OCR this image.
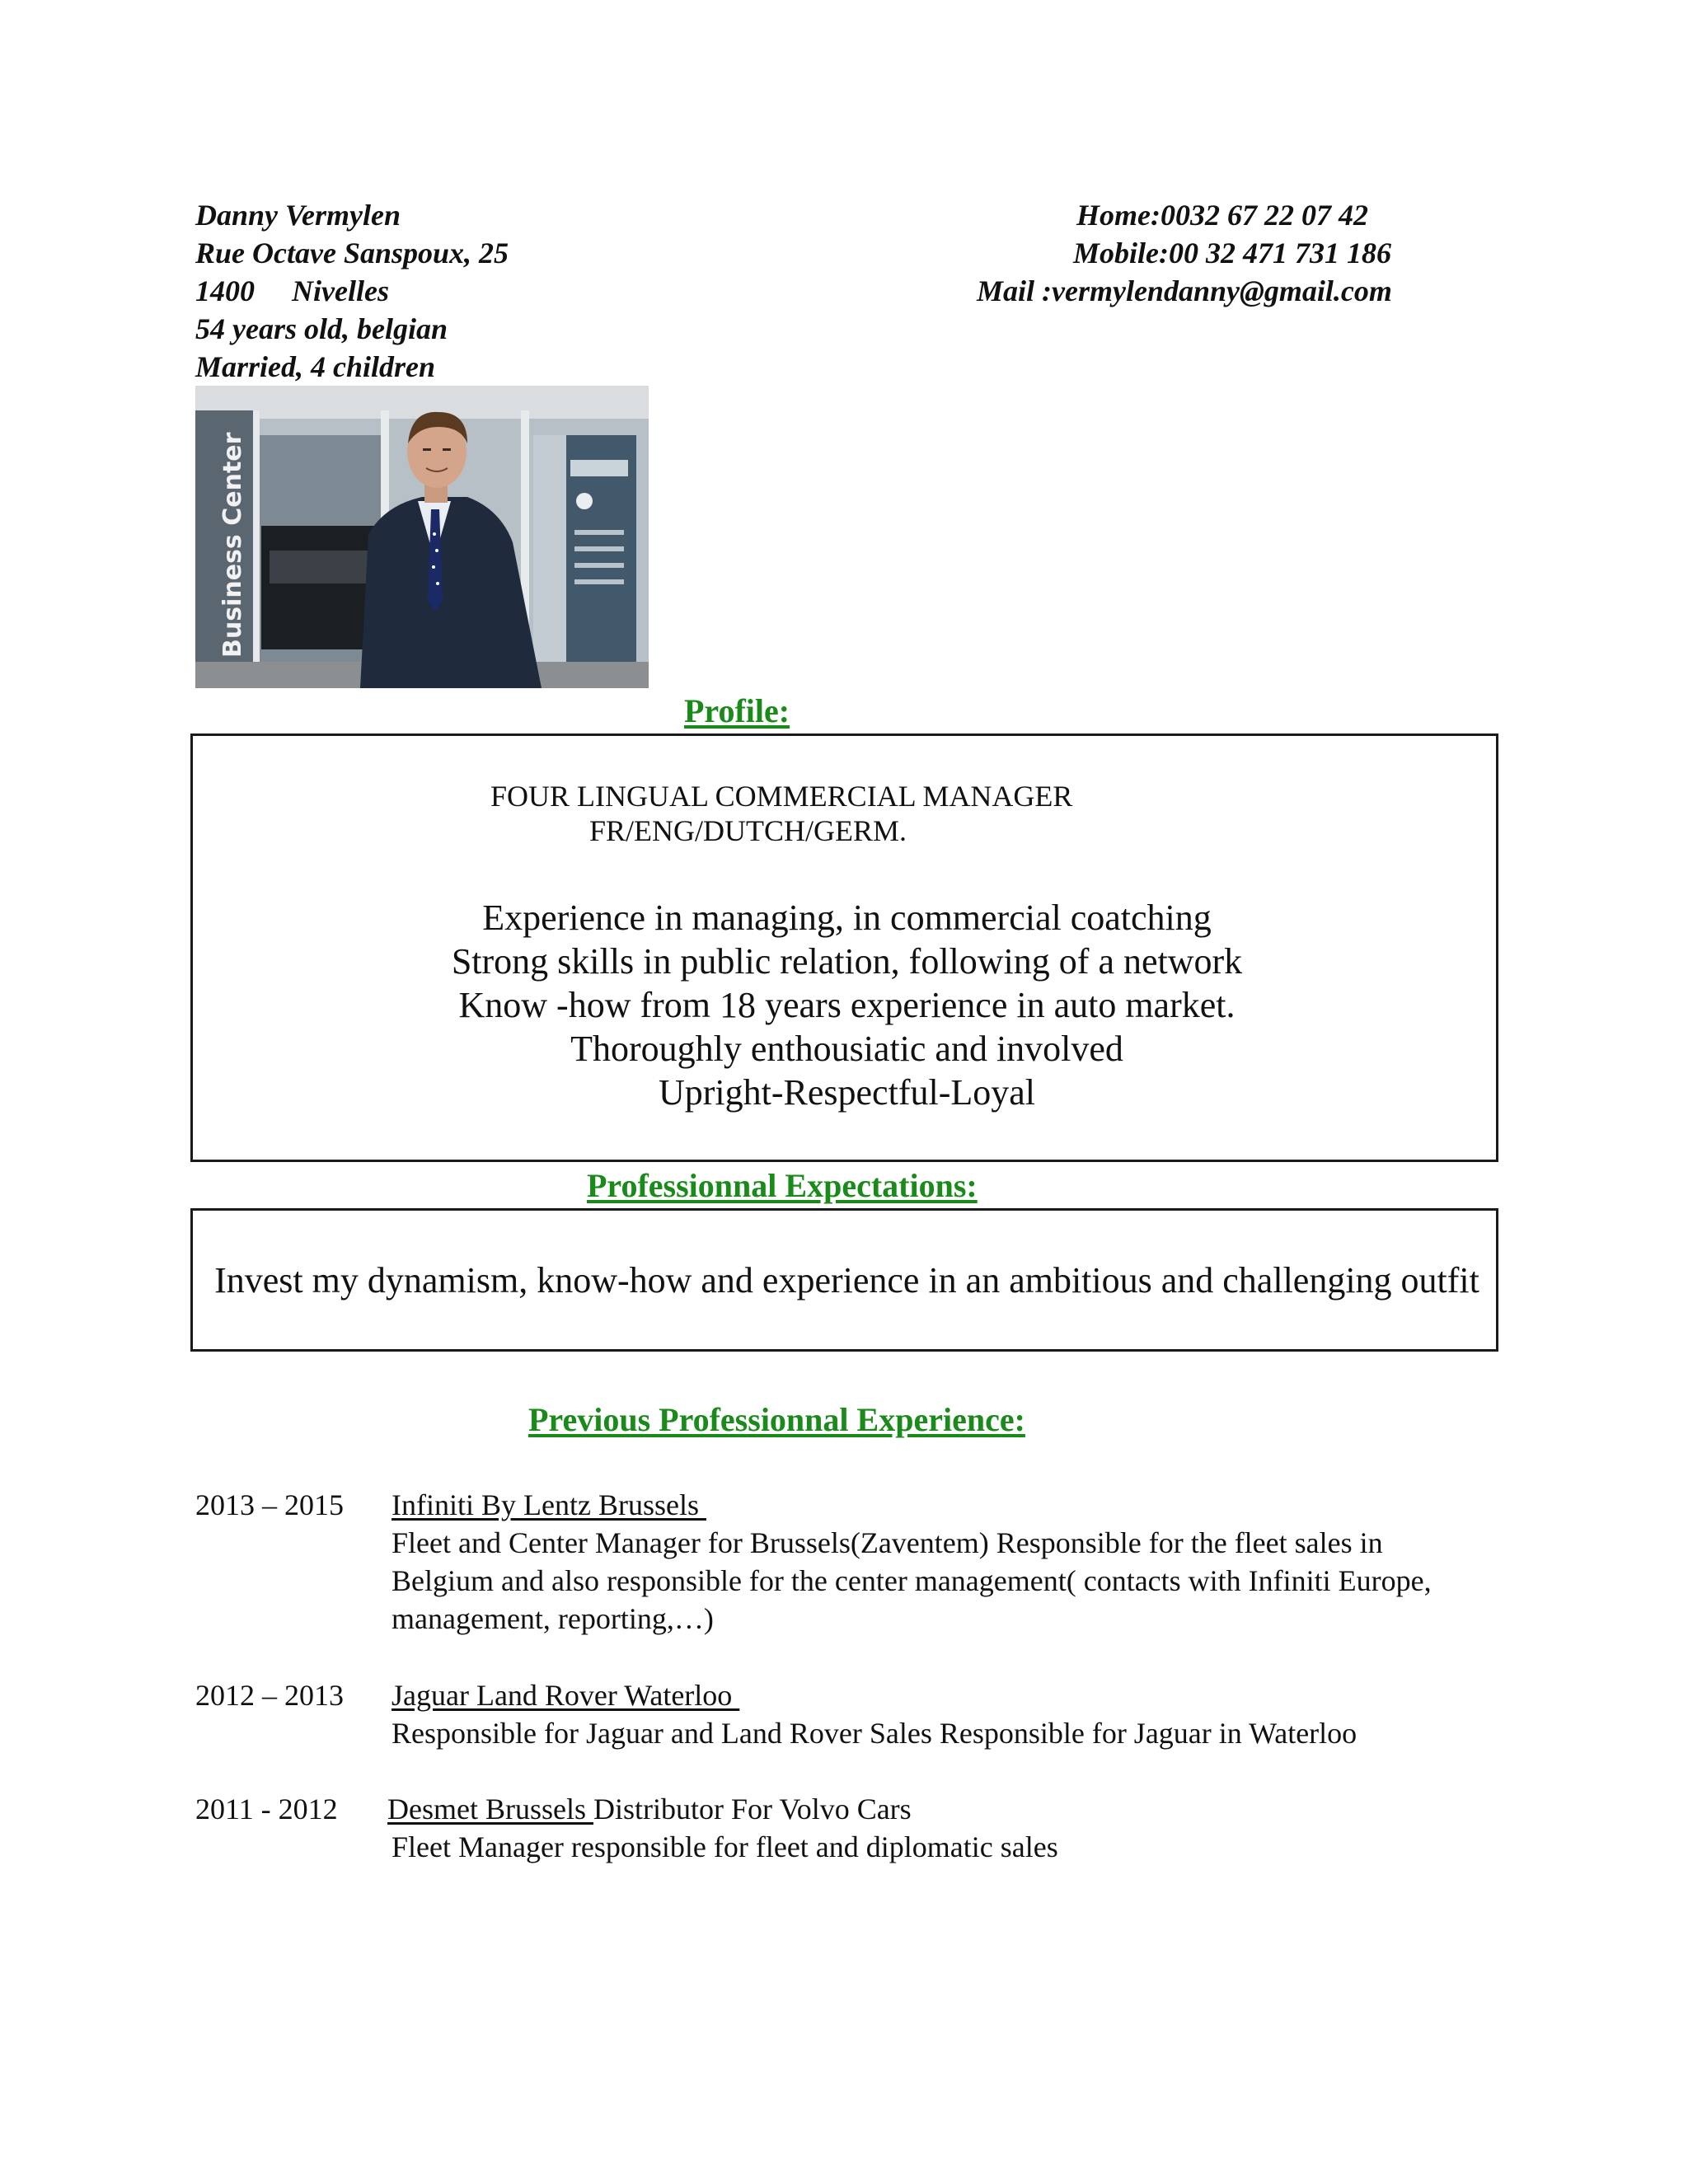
Danny Vermylen
Rue Octave Sanspoux, 25
1400     Nivelles
54 years old, belgian
Married, 4 children
Home:0032 67 22 07 42
Mobile:00 32 471 731 186
Mail :vermylendanny@gmail.com
Business Center
Profile:
FOUR LINGUAL COMMERCIAL MANAGER
FR/ENG/DUTCH/GERM.
Experience in managing, in commercial coatching
Strong skills in public relation, following of a network
Know -how from 18 years experience in auto market.
Thoroughly enthousiatic and involved
Upright-Respectful-Loyal
Professionnal Expectations:
Invest my dynamism, know-how and experience in an ambitious and challenging outfit
Previous Professionnal Experience:
2013 – 2015 Infiniti By Lentz Brussels
Fleet and Center Manager for Brussels(Zaventem) Responsible for the fleet sales in Belgium and also responsible for the center management( contacts with Infiniti Europe, management, reporting,…)
2012 – 2013 Jaguar Land Rover Waterloo
Responsible for Jaguar and Land Rover Sales Responsible for Jaguar in Waterloo
2011 - 2012 Desmet Brussels Distributor For Volvo Cars
Fleet Manager responsible for fleet and diplomatic sales
